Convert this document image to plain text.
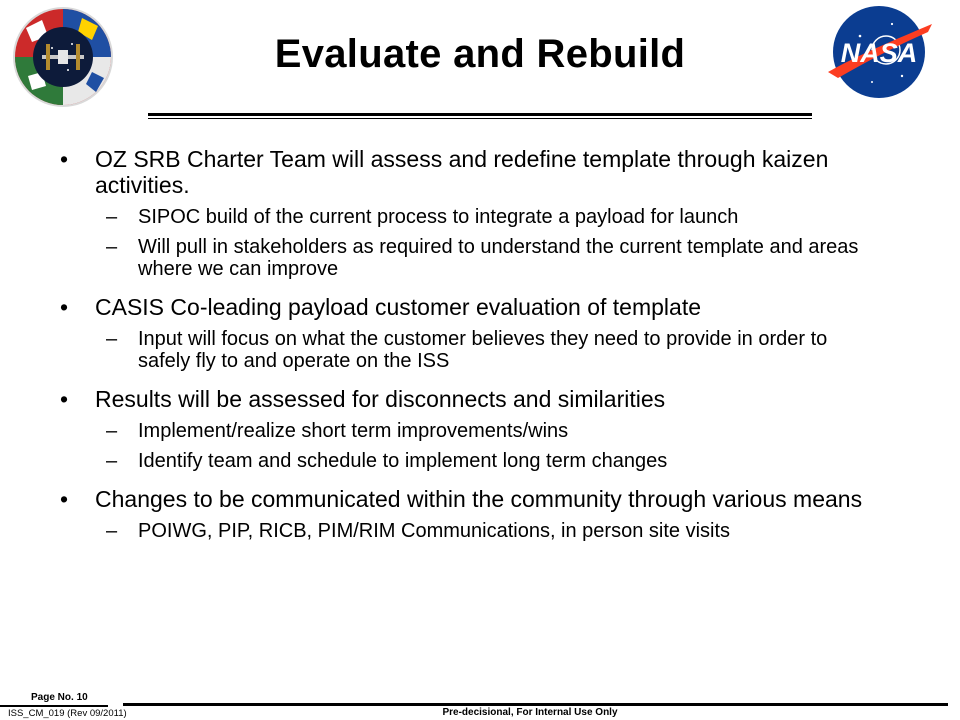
Evaluate and Rebuild	NASA

• OZ SRB Charter Team will assess and redefine template through kaizen activities.

– SIPOC build of the current process to integrate a payload for launch

– Will pull in stakeholders as required to understand the current template and areas where we can improve

• CASIS Co-leading payload customer evaluation of template

– Input will focus on what the customer believes they need to provide in order to safely fly to and operate on the ISS

• Results will be assessed for disconnects and similarities

– Implement/realize short term improvements/wins

– Identify team and schedule to implement long term changes

• Changes to be communicated within the community through various means

– POIWG, PIP, RICB, PIM/RIM Communications, in person site visits

Page No. 10
ISS_CM_019 (Rev 09/2011)	Pre-decisional, For Internal Use Only
